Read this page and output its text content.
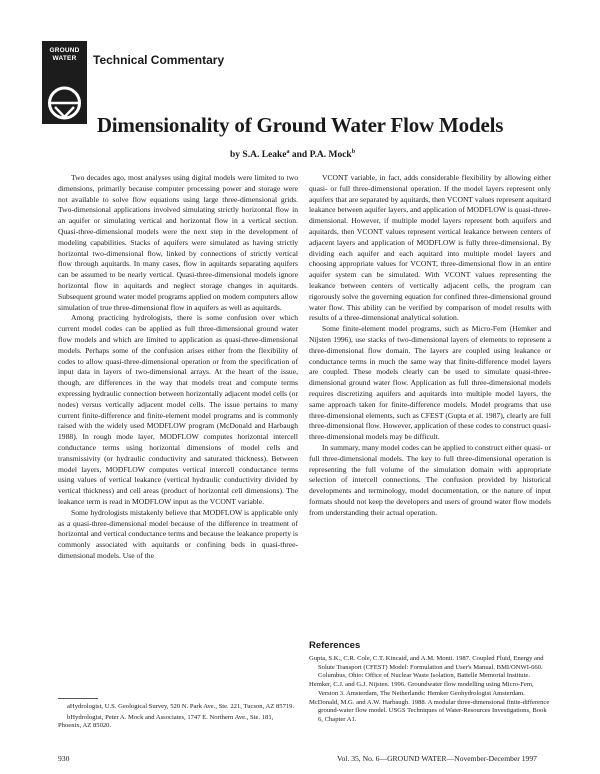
GROUND
WATER	Technical Commentary
Dimensionality of Ground Water Flow Models
by S.A. Leake$^a$ and P.A. Mock$^b$

Two decades ago, most analyses using digital models were limited to two dimensions, primarily because computer processing power and storage were not available to solve flow equations using large three-dimensional grids. Two-dimensional applications involved simulating strictly horizontal flow in an aquifer or simulating vertical and horizontal flow in a vertical section. Quasi-three-dimensional models were the next step in the development of modeling capabilities. Stacks of aquifers were simulated as having strictly horizontal two-dimensional flow, linked by connections of strictly vertical flow through aquitards. In many cases, flow in aquitards separating aquifers can be assumed to be nearly vertical. Quasi-three-dimensional models ignore horizontal flow in aquitards and neglect storage changes in aquitards. Subsequent ground water model programs applied on modern computers allow simulation of true three-dimensional flow in aquifers as well as aquitards.

Among practicing hydrologists, there is some confusion over which current model codes can be applied as full three-dimensional ground water flow models and which are limited to application as quasi-three-dimensional models. Perhaps some of the confusion arises either from the flexibility of codes to allow quasi-three-dimensional operation or from the specification of input data in layers of two-dimensional arrays. At the heart of the issue, though, are differences in the way that models treat and compute terms expressing hydraulic connection between horizontally adjacent model cells (or nodes) versus vertically adjacent model cells. The issue pertains to many current finite-difference and finite-element model programs and is commonly raised with the widely used MODFLOW program (McDonald and Harbaugh 1988). In rough mode layer, MODFLOW computes horizontal intercell conductance terms using horizontal dimensions of model cells and transmissivity (or hydraulic conductivity and saturated thickness). Between model layers, MODFLOW computes vertical intercell conductance terms using values of vertical leakance (vertical hydraulic conductivity divided by vertical thickness) and cell areas (product of horizontal cell dimensions). The leakance term is read in MODFLOW input as the VCONT variable.

Some hydrologists mistakenly believe that MODFLOW is applicable only as a quasi-three-dimensional model because of the difference in treatment of horizontal and vertical conductance terms and because the leakance property is commonly associated with aquitards or confining beds in quasi-three-dimensional models. Use of the

VCONT variable, in fact, adds considerable flexibility by allowing either quasi- or full three-dimensional operation. If the model layers represent only aquifers that are separated by aquitards, then VCONT values represent aquitard leakance between aquifer layers, and application of MODFLOW is quasi-three-dimensional. However, if multiple model layers represent both aquifers and aquitards, then VCONT values represent vertical leakance between centers of adjacent layers and application of MODFLOW is fully three-dimensional. By dividing each aquifer and each aquitard into multiple model layers and choosing appropriate values for VCONT, three-dimensional flow in an entire aquifer system can be simulated. With VCONT values representing the leakance between centers of vertically adjacent cells, the program can rigorously solve the governing equation for confined three-dimensional ground water flow. This ability can be verified by comparison of model results with results of a three-dimensional analytical solution.

Some finite-element model programs, such as Micro-Fem (Hemker and Nijsten 1996), use stacks of two-dimensional layers of elements to represent a three-dimensional flow domain. The layers are coupled using leakance or conductance terms in much the same way that finite-difference model layers are coupled. These models clearly can be used to simulate quasi-three-dimensional ground water flow. Application as full three-dimensional models requires discretizing aquifers and aquitards into multiple model layers, the same approach taken for finite-difference models. Model programs that use three-dimensional elements, such as CFEST (Gupta et al. 1987), clearly are full three-dimensional flow. However, application of these codes to construct quasi-three-dimensional models may be difficult.

In summary, many model codes can be applied to construct either quasi- or full three-dimensional models. The key to full three-dimensional operation is representing the full volume of the simulation domain with appropriate selection of intercell connections. The confusion provided by historical developments and terminology, model documentation, or the nature of input formats should not keep the developers and users of ground water flow models from understanding their actual operation.

References

Gupta, S.K., C.R. Cole, C.T. Kincaid, and A.M. Monti. 1987. Coupled Fluid, Energy and Solute Transport (CFEST) Model: Formulation and User's Manual. BMI/ONWI-660. Columbus, Ohio: Office of Nuclear Waste Isolation, Battelle Memorial Institute.

Hemker, C.J. and G.J. Nijsten. 1996. Groundwater flow modelling using Micro-Fem, Version 3. Amsterdam, The Netherlands: Hemker Geohydrologist Amsterdam.

McDonald, M.G. and A.W. Harbaugh. 1988. A modular three-dimensional finite-difference ground-water flow model. USGS Techniques of Water-Resources Investigations, Book 6, Chapter A1.

aHydrologist, U.S. Geological Survey, 520 N. Park Ave., Ste. 221, Tucson, AZ 85719.

bHydrologist, Peter A. Mock and Associates, 1747 E. Northern Ave., Ste. 181, Phoenix, AZ 85020.

930	Vol. 35, No. 6—GROUND WATER—November-December 1997
